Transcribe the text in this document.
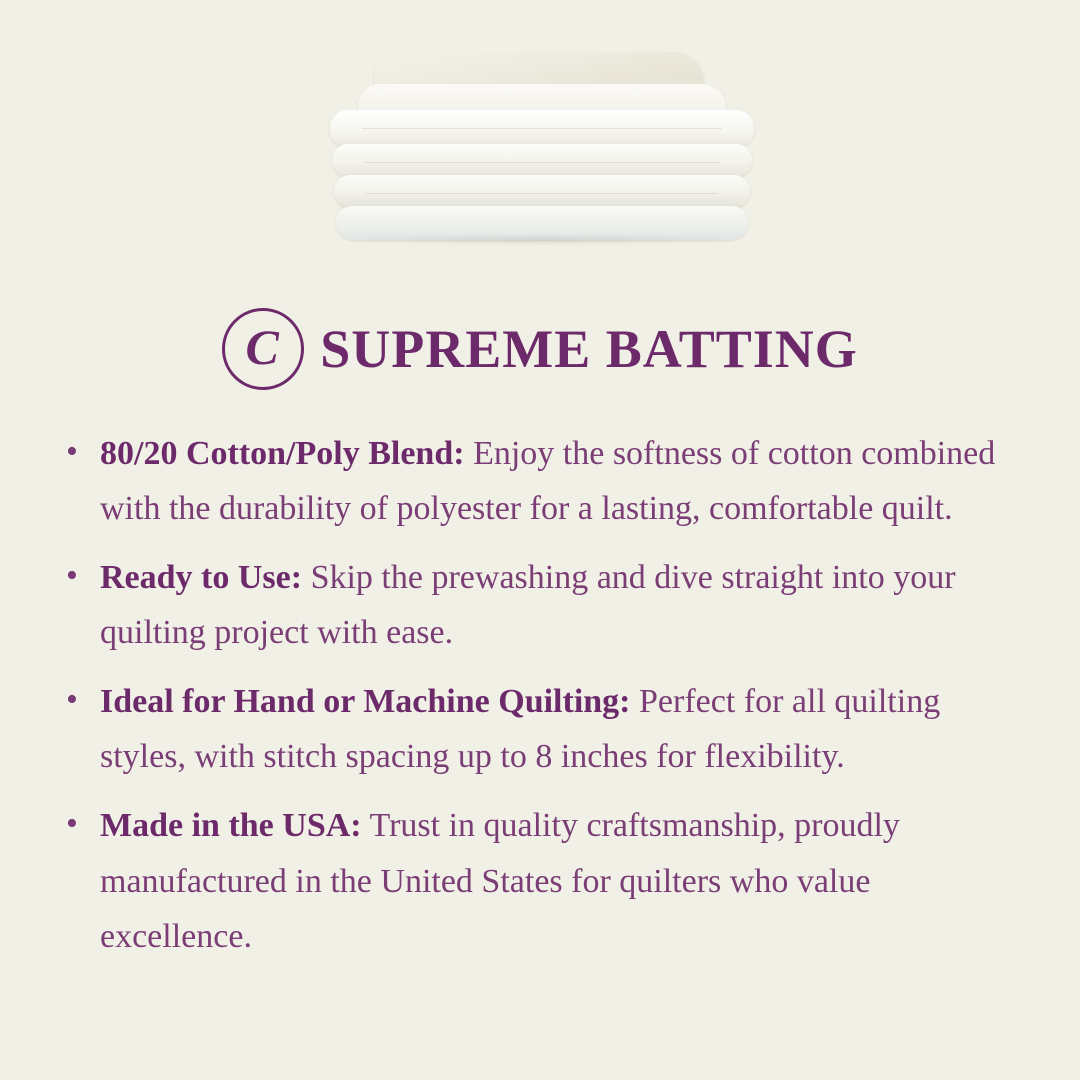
C SUPREME BATTING
• 80/20 Cotton/Poly Blend: Enjoy the softness of cotton combined with the durability of polyester for a lasting, comfortable quilt.
• Ready to Use: Skip the prewashing and dive straight into your quilting project with ease.
• Ideal for Hand or Machine Quilting: Perfect for all quilting styles, with stitch spacing up to 8 inches for flexibility.
• Made in the USA: Trust in quality craftsmanship, proudly manufactured in the United States for quilters who value excellence.
